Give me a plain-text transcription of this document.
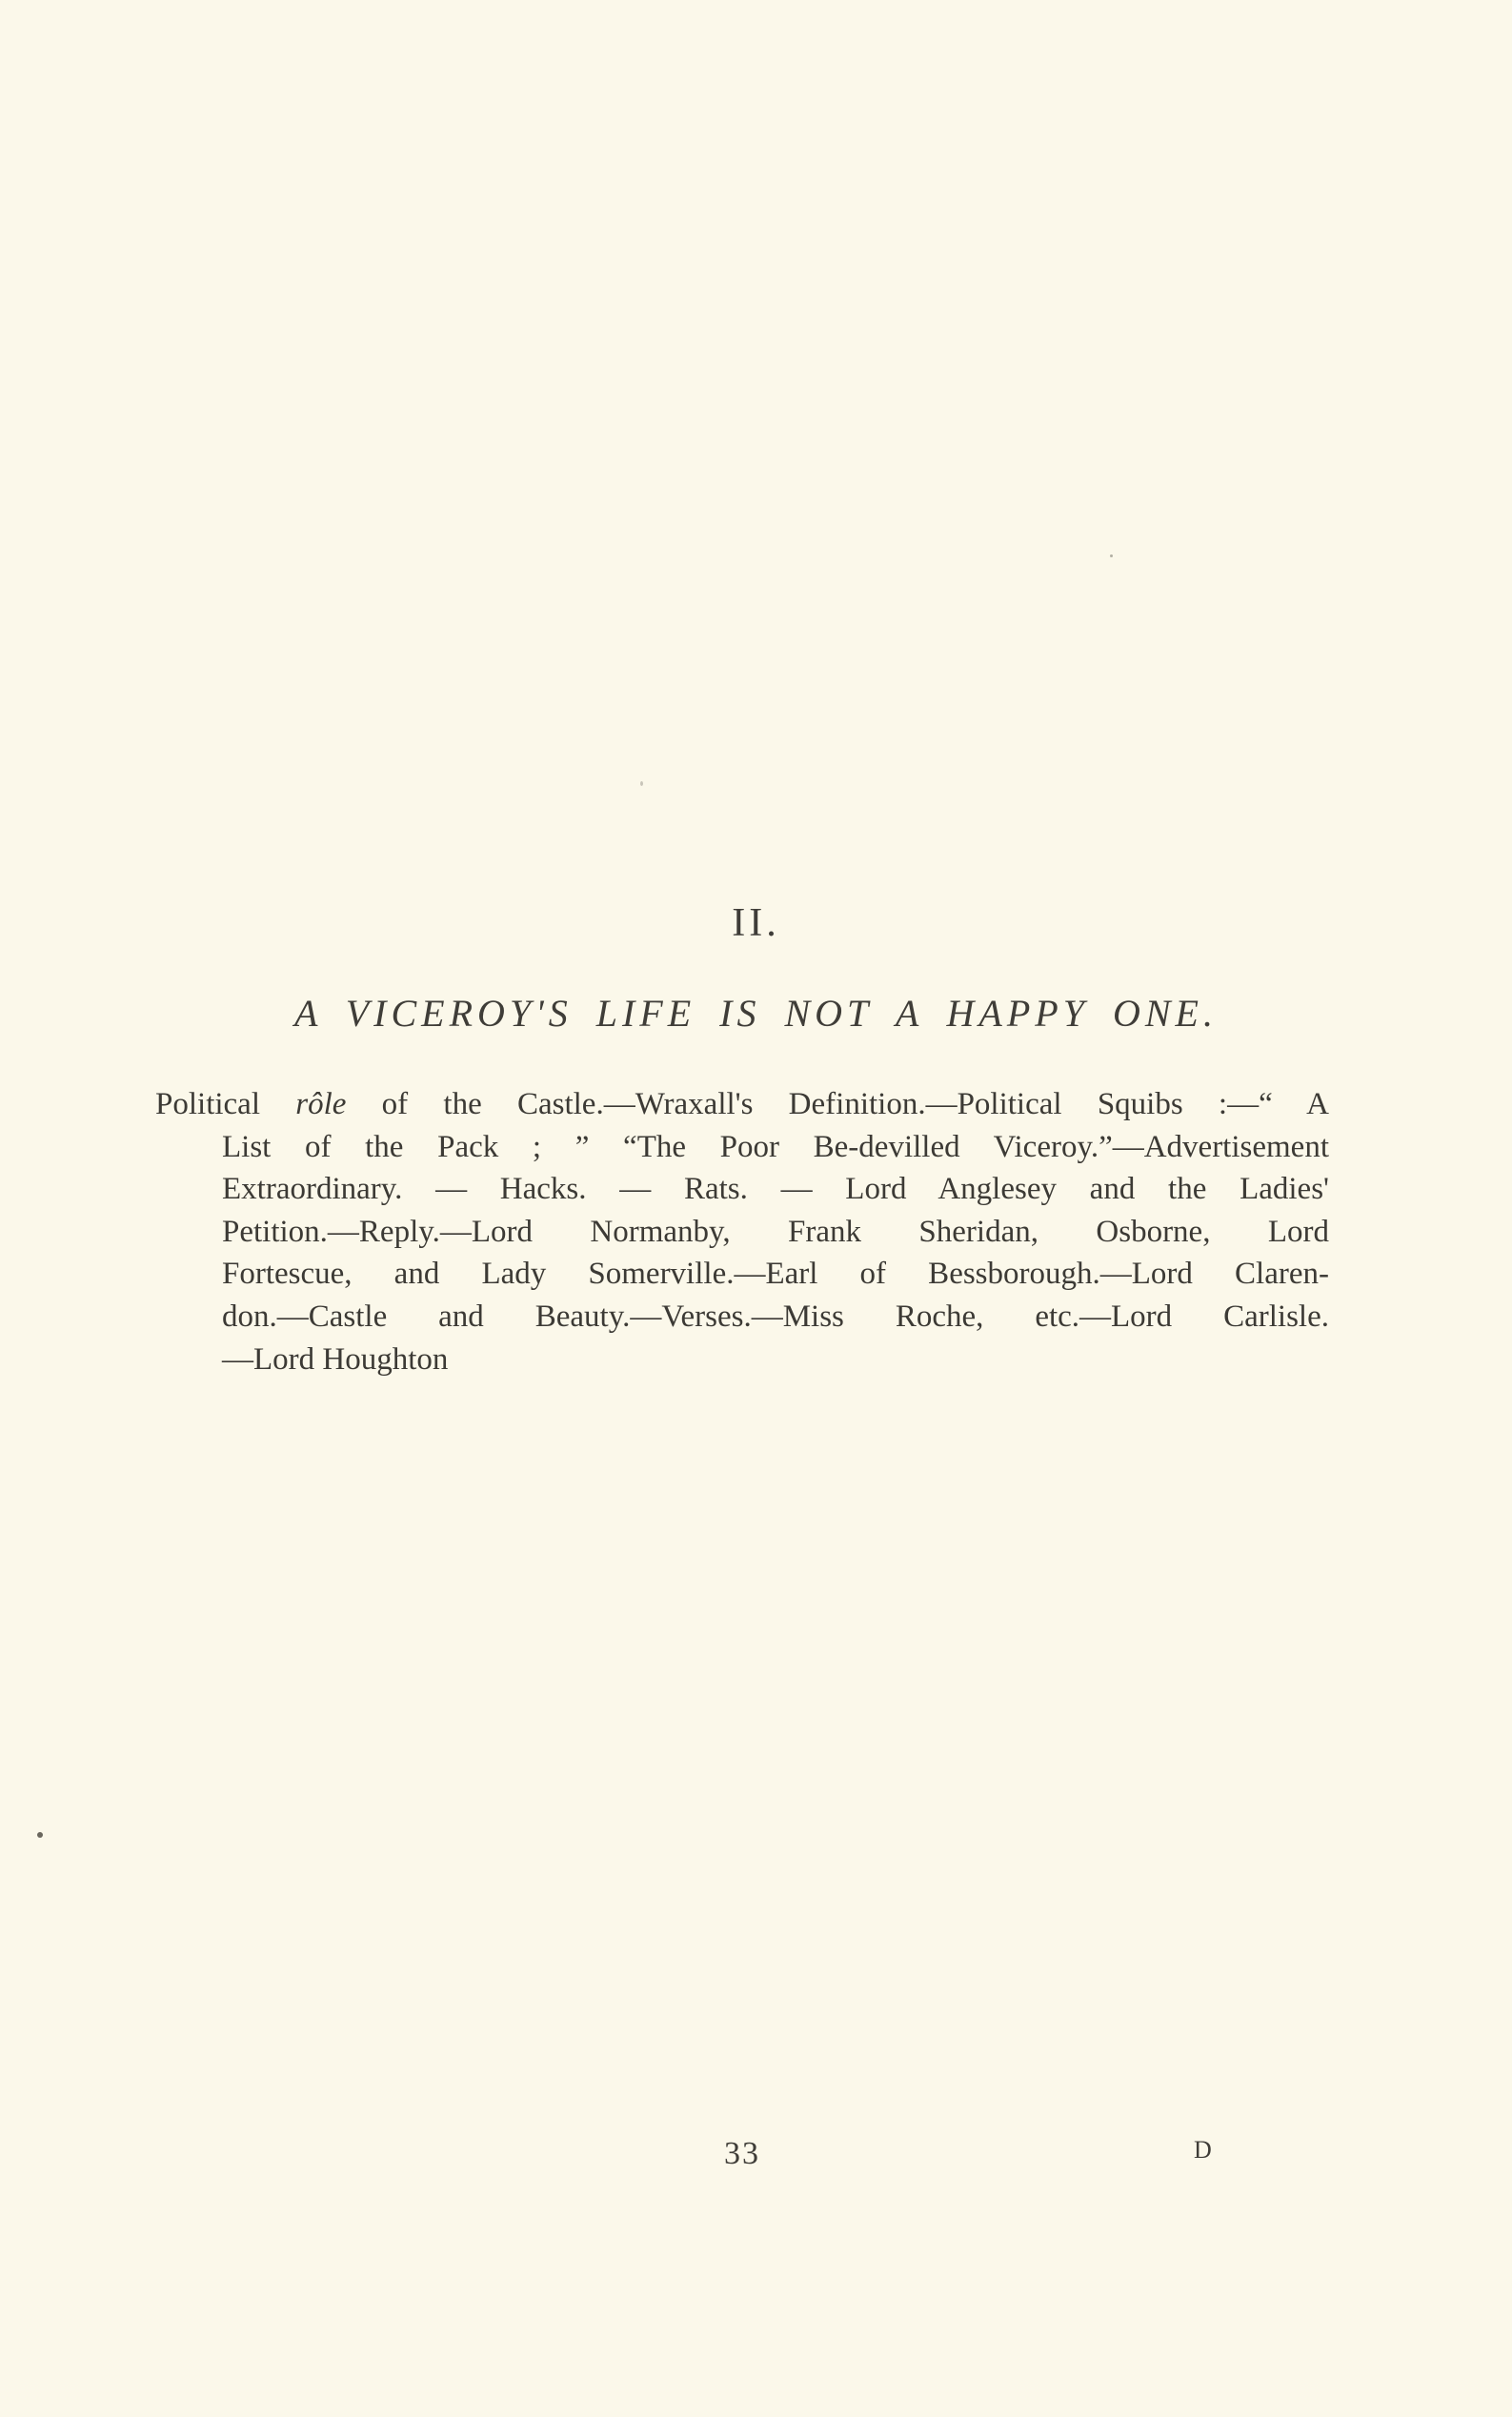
II.
A VICEROY'S LIFE IS NOT A HAPPY ONE.
Political rôle of the Castle.—Wraxall's Definition.—Political Squibs :—“ A
List of the Pack ; ” “The Poor Be-devilled Viceroy.”—Advertisement
Extraordinary. — Hacks. — Rats. — Lord Anglesey and the Ladies'
Petition.—Reply.—Lord Normanby, Frank Sheridan, Osborne, Lord
Fortescue, and Lady Somerville.—Earl of Bessborough.—Lord Claren-
don.—Castle and Beauty.—Verses.—Miss Roche, etc.—Lord Carlisle.
—Lord Houghton
33	D
